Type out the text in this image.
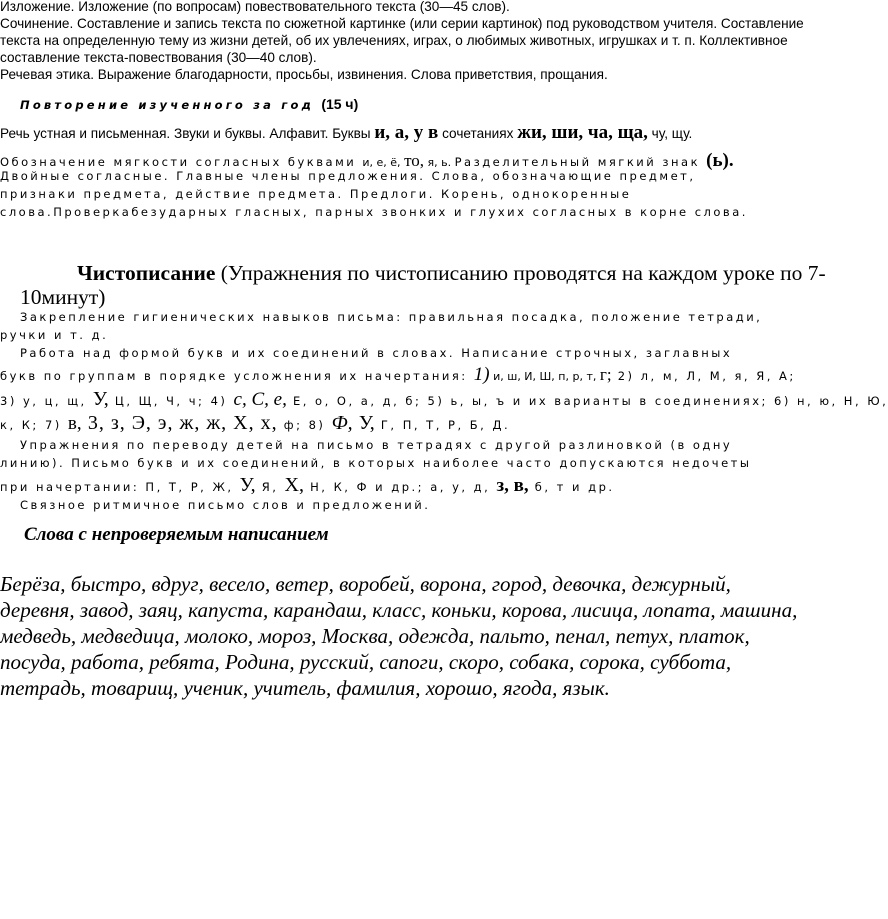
Изложение. Изложение (по вопросам) повествовательного текста (30—45 слов).
Сочинение. Составление и запись текста по сюжетной картинке (или серии картинок) под руководством учителя. Составление
текста на определенную тему из жизни детей, об их увлечениях, играх, о любимых животных, игрушках и т. п. Коллективное
составление текста-повествования (30—40 слов).
Речевая этика. Выражение благодарности, просьбы, извинения. Слова приветствия, прощания.
Повторение изученного за год (15 ч)
Речь устная и письменная. Звуки и буквы. Алфавит. Буквы и, а, у в сочетаниях жи, ши, ча, ща, чу, щу.
Обозначение мягкости согласных буквами и, е, ё, то, я, ь. Разделительный мягкий знак (ь).
Двойные согласные. Главные члены предложения. Слова, обозначающие предмет,
признаки предмета, действие предмета. Предлоги. Корень, однокоренные
слова.Проверкабезударных гласных, парных звонких и глухих согласных в корне слова.
Чистописание (Упражнения по чистописанию проводятся на каждом уроке по 7-
10минут)
Закрепление гигиенических навыков письма: правильная посадка, положение тетради,
ручки и т. д.
Работа над формой букв и их соединений в словах. Написание строчных, заглавных
букв по группам в порядке усложнения их начертания: 1) и, ш, И, Ш, п, р, т, г; 2) л, м, Л, М, я, Я, А;
3) у, ц, щ, У, Ц, Щ, Ч, ч; 4) с, С, е, Е, о, О, а, д, б; 5) ь, ы, ъ и их варианты в соединениях; 6) н, ю, Н, Ю,
к, К; 7) в, 3, з, Э, э, ж, ж, Х, х, ф; 8) Ф, У, Г, П, Т, Р, Б, Д.
Упражнения по переводу детей на письмо в тетрадях с другой разлиновкой (в одну
линию). Письмо букв и их соединений, в которых наиболее часто допускаются недочеты
при начертании: П, Т, Р, Ж, У, Я, Х, Н, К, Ф и др.; а, у, д, з, в, б, т и др.
Связное ритмичное письмо слов и предложений.
Слова с непроверяемым написанием
Берёза, быстро, вдруг, весело, ветер, воробей, ворона, город, девочка, дежурный,
деревня, завод, заяц, капуста, карандаш, класс, коньки, корова, лисица, лопата, машина,
медведь, медведица, молоко, мороз, Москва, одежда, пальто, пенал, петух, платок,
посуда, работа, ребята, Родина, русский, сапоги, скоро, собака, сорока, суббота,
тетрадь, товарищ, ученик, учитель, фамилия, хорошо, ягода, язык.
